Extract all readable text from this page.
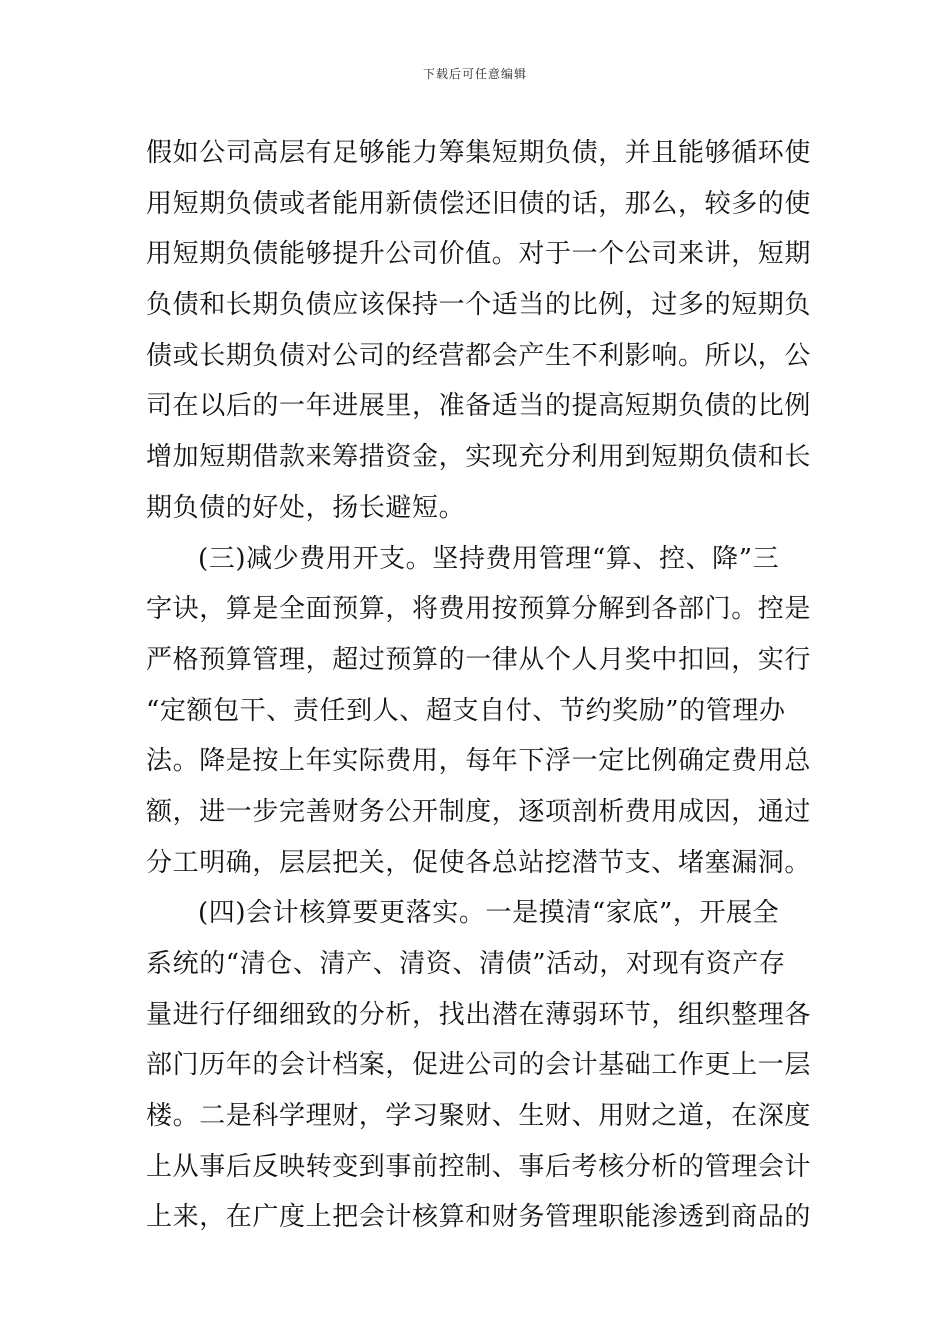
下载后可任意编辑
假如公司高层有足够能力筹集短期负债，并且能够循环使
用短期负债或者能用新债偿还旧债的话，那么，较多的使
用短期负债能够提升公司价值。对于一个公司来讲，短期
负债和长期负债应该保持一个适当的比例，过多的短期负
债或长期负债对公司的经营都会产生不利影响。所以，公
司在以后的一年进展里，准备适当的提高短期负债的比例
增加短期借款来筹措资金，实现充分利用到短期负债和长
期负债的好处，扬长避短。
(三)减少费用开支。坚持费用管理“算、控、降”三
字诀，算是全面预算，将费用按预算分解到各部门。控是
严格预算管理，超过预算的一律从个人月奖中扣回，实行
“定额包干、责任到人、超支自付、节约奖励”的管理办
法。降是按上年实际费用，每年下浮一定比例确定费用总
额，进一步完善财务公开制度，逐项剖析费用成因，通过
分工明确，层层把关，促使各总站挖潜节支、堵塞漏洞。
(四)会计核算要更落实。一是摸清“家底”，开展全
系统的“清仓、清产、清资、清债”活动，对现有资产存
量进行仔细细致的分析，找出潜在薄弱环节，组织整理各
部门历年的会计档案，促进公司的会计基础工作更上一层
楼。二是科学理财，学习聚财、生财、用财之道，在深度
上从事后反映转变到事前控制、事后考核分析的管理会计
上来，在广度上把会计核算和财务管理职能渗透到商品的
